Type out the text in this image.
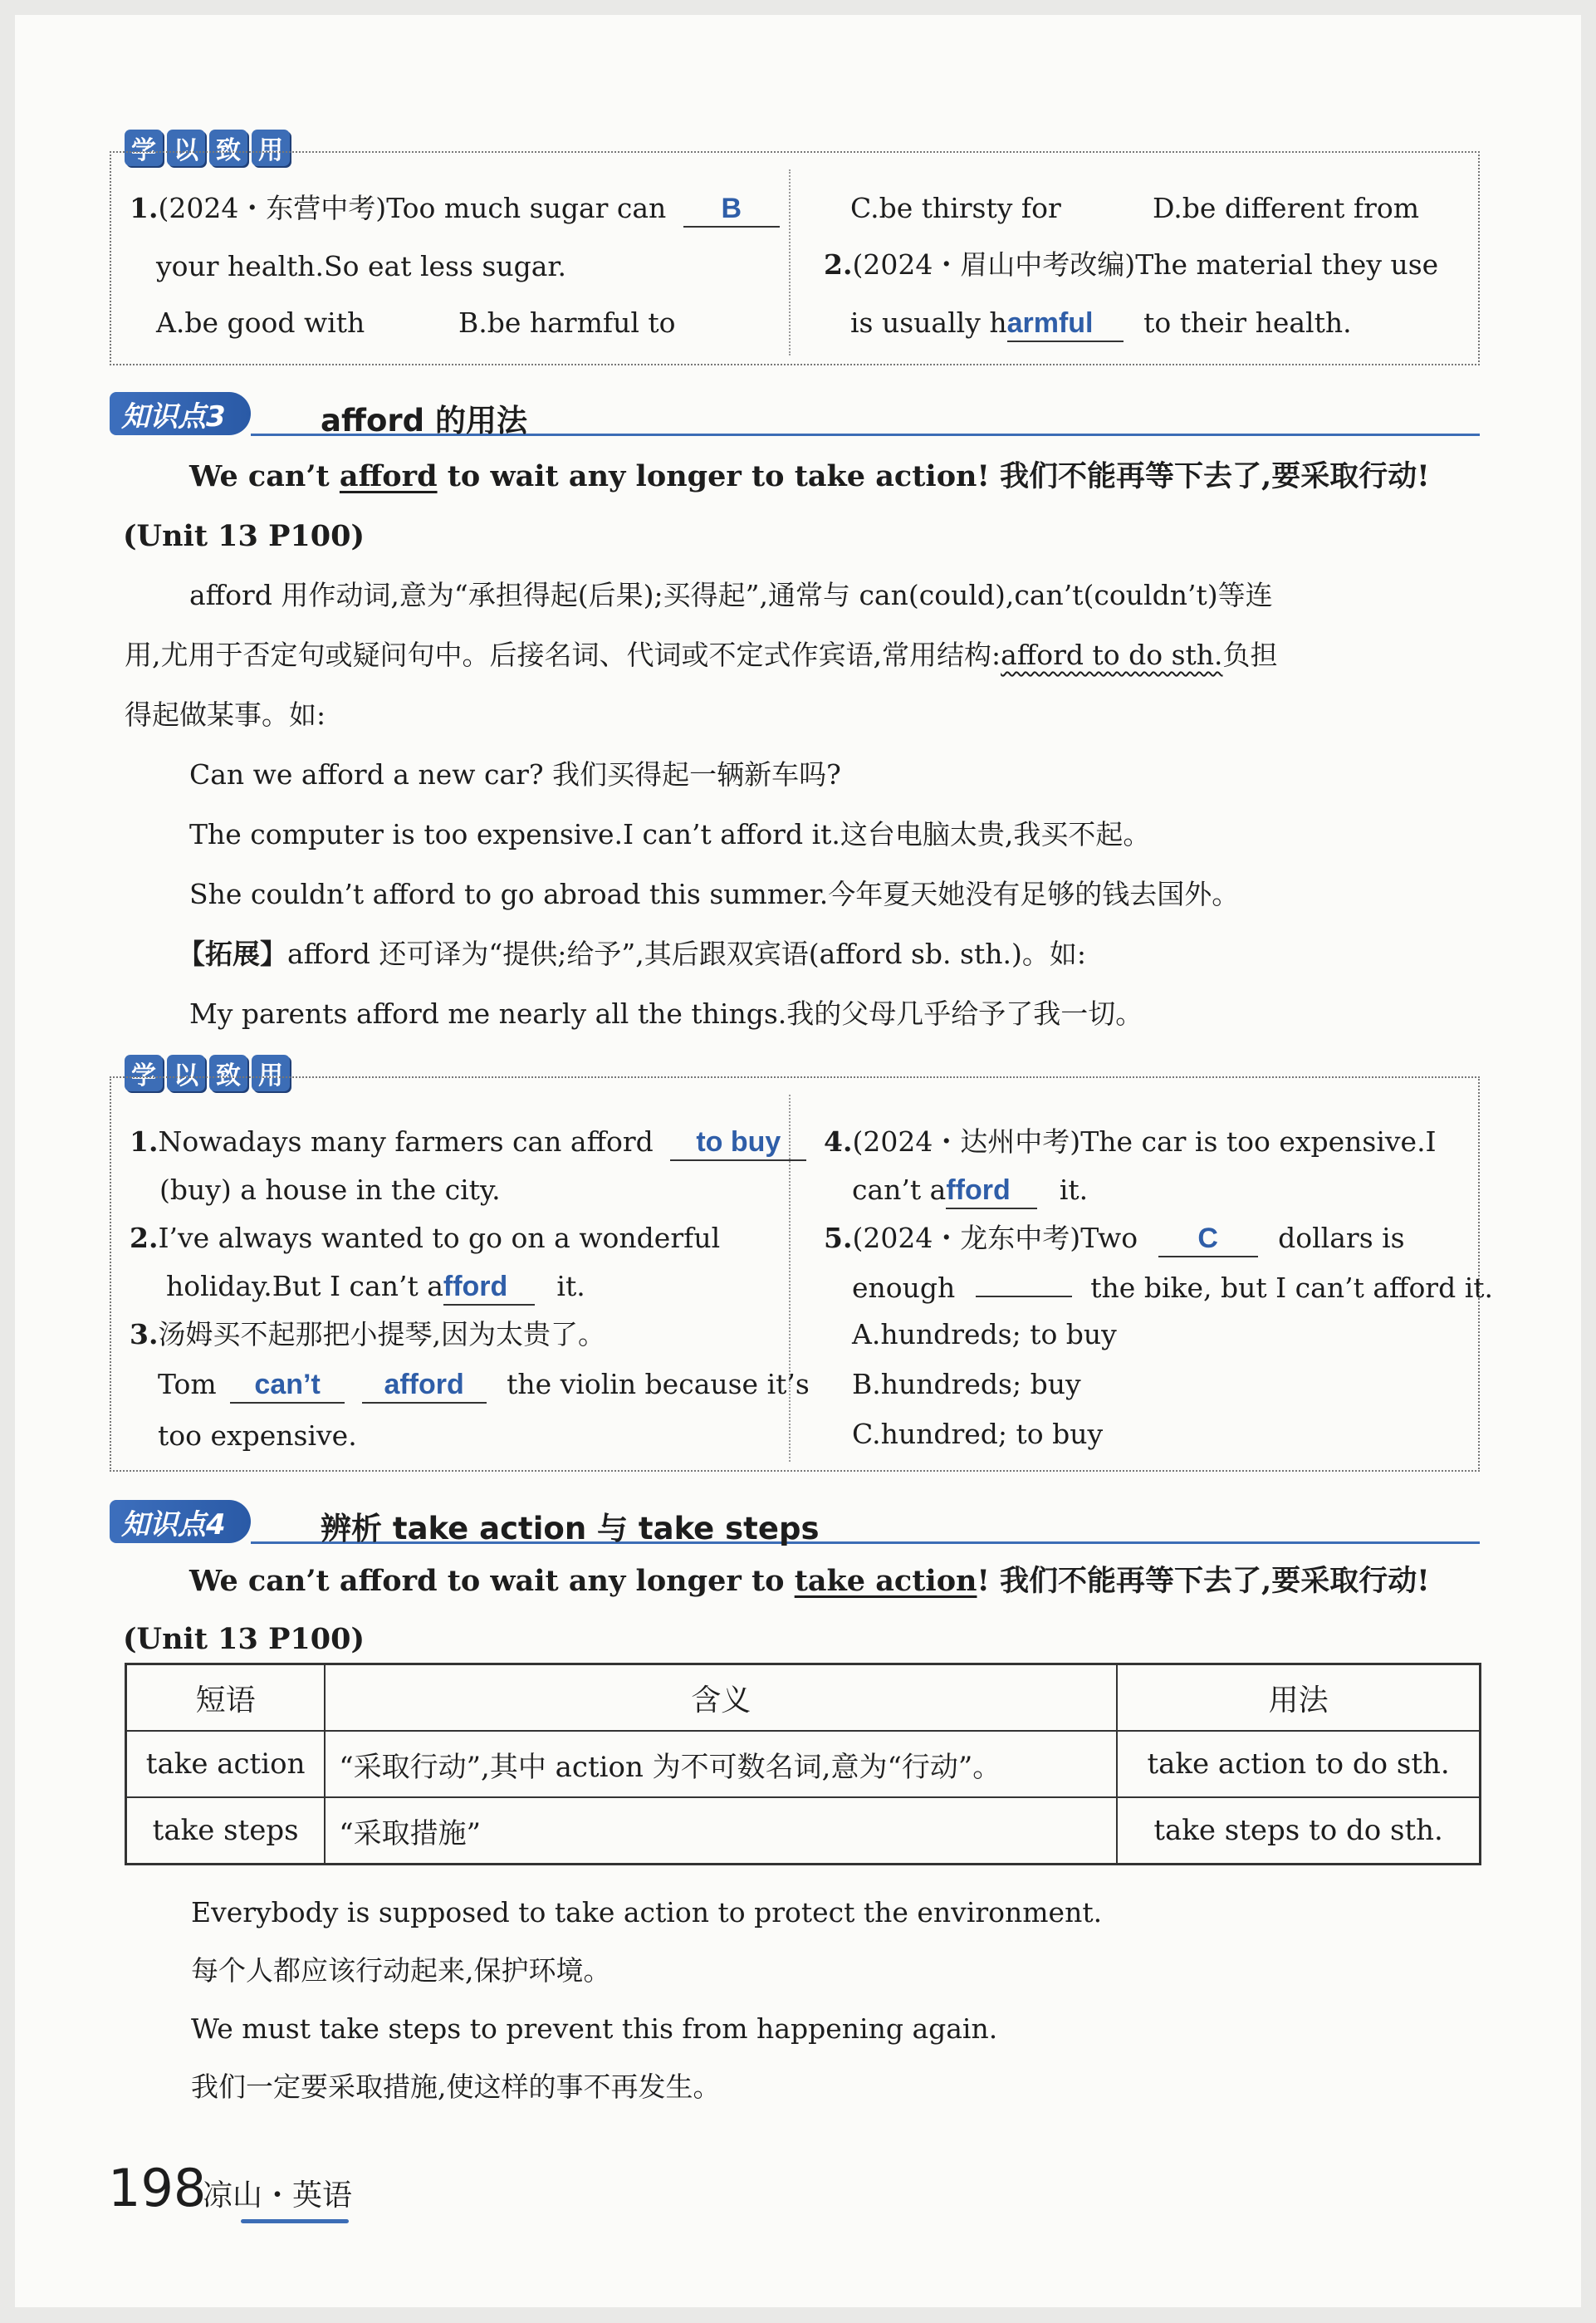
学 以 致 用
1.(2024・东营中考)Too much sugar can B
your health.So eat less sugar.
A.be good with	B.be harmful to
C.be thirsty for	D.be different from
2.(2024・眉山中考改编)The material they use
is usually harmful to their health.
知识点3	afford 的用法
We can’t afford to wait any longer to take action! 我们不能再等下去了,要采取行动!
(Unit 13 P100)
afford 用作动词,意为“承担得起(后果);买得起”,通常与 can(could),can’t(couldn’t)等连
用,尤用于否定句或疑问句中。后接名词、代词或不定式作宾语,常用结构:afford to do sth.负担
得起做某事。如:
Can we afford a new car? 我们买得起一辆新车吗?
The computer is too expensive.I can’t afford it.这台电脑太贵,我买不起。
She couldn’t afford to go abroad this summer.今年夏天她没有足够的钱去国外。
【拓展】afford 还可译为“提供;给予”,其后跟双宾语(afford sb. sth.)。如:
My parents afford me nearly all the things.我的父母几乎给予了我一切。
学 以 致 用
1.Nowadays many farmers can afford to buy
(buy) a house in the city.
2.I’ve always wanted to go on a wonderful
holiday.But I can’t afford it.
3.汤姆买不起那把小提琴,因为太贵了。
Tom can’t afford the violin because it’s
too expensive.
4.(2024・达州中考)The car is too expensive.I
can’t afford it.
5.(2024・龙东中考)Two C dollars is
enough	the bike, but I can’t afford it.
A.hundreds; to buy
B.hundreds; buy
C.hundred; to buy
知识点4	辨析 take action 与 take steps
We can’t afford to wait any longer to take action! 我们不能再等下去了,要采取行动!
(Unit 13 P100)
短语	含义	用法
take action	“采取行动”,其中 action 为不可数名词,意为“行动”。	take action to do sth.
take steps	“采取措施”	take steps to do sth.
Everybody is supposed to take action to protect the environment.
每个人都应该行动起来,保护环境。
We must take steps to prevent this from happening again.
我们一定要采取措施,使这样的事不再发生。
198
凉山・英语
